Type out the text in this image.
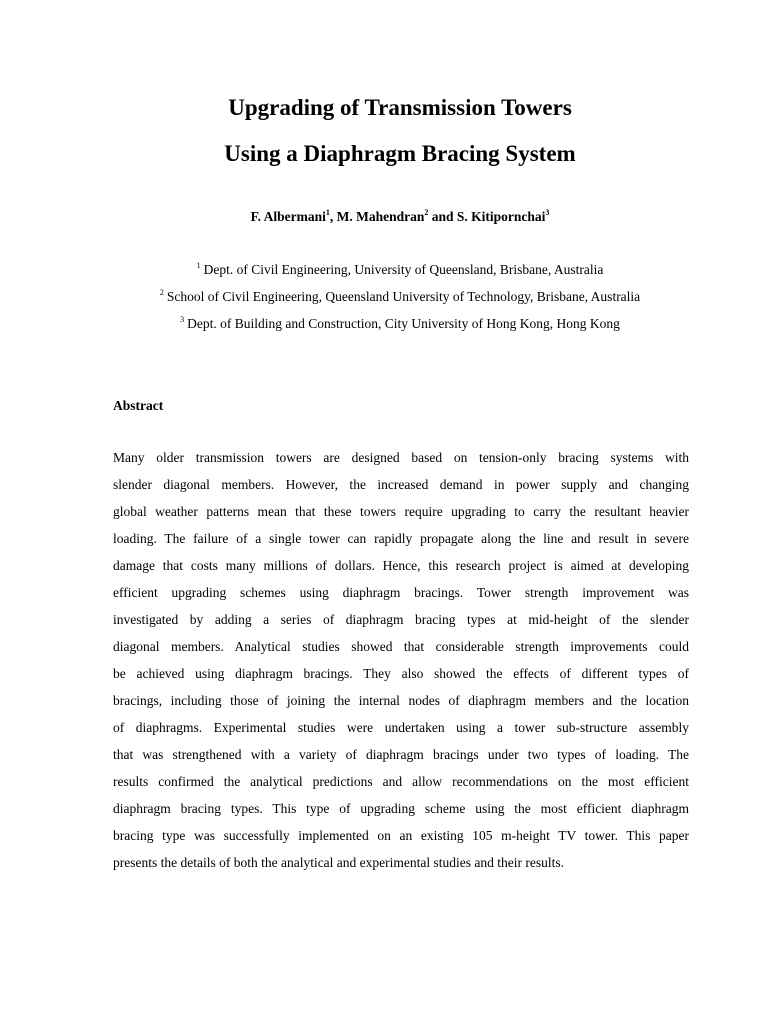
Upgrading of Transmission Towers
Using a Diaphragm Bracing System
F. Albermani$^1$, M. Mahendran$^2$ and S. Kitipornchai$^3$
$^1$ Dept. of Civil Engineering, University of Queensland, Brisbane, Australia
$^2$ School of Civil Engineering, Queensland University of Technology, Brisbane, Australia
$^3$ Dept. of Building and Construction, City University of Hong Kong, Hong Kong
Abstract
Many older transmission towers are designed based on tension-only bracing systems with
slender diagonal members. However, the increased demand in power supply and changing
global weather patterns mean that these towers require upgrading to carry the resultant heavier
loading. The failure of a single tower can rapidly propagate along the line and result in severe
damage that costs many millions of dollars. Hence, this research project is aimed at developing
efficient upgrading schemes using diaphragm bracings. Tower strength improvement was
investigated by adding a series of diaphragm bracing types at mid-height of the slender
diagonal members. Analytical studies showed that considerable strength improvements could
be achieved using diaphragm bracings. They also showed the effects of different types of
bracings, including those of joining the internal nodes of diaphragm members and the location
of diaphragms. Experimental studies were undertaken using a tower sub-structure assembly
that was strengthened with a variety of diaphragm bracings under two types of loading. The
results confirmed the analytical predictions and allow recommendations on the most efficient
diaphragm bracing types. This type of upgrading scheme using the most efficient diaphragm
bracing type was successfully implemented on an existing 105 m-height TV tower. This paper
presents the details of both the analytical and experimental studies and their results.
